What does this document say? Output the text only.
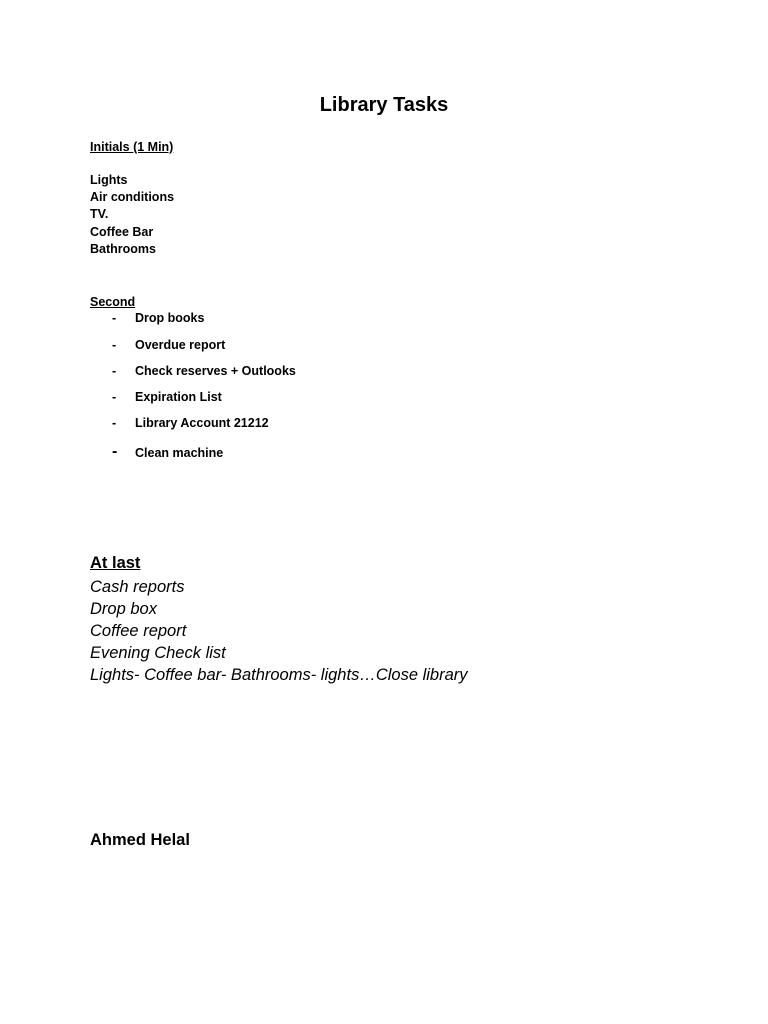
Library Tasks
Initials (1 Min)
Lights
Air conditions
TV.
Coffee Bar
Bathrooms
Second
-	Drop books
-	Overdue report
-	Check reserves + Outlooks
-	Expiration List
-	Library Account 21212
-	Clean machine
At last
Cash reports
Drop box
Coffee report
Evening Check list
Lights- Coffee bar- Bathrooms- lights…Close library
Ahmed Helal
